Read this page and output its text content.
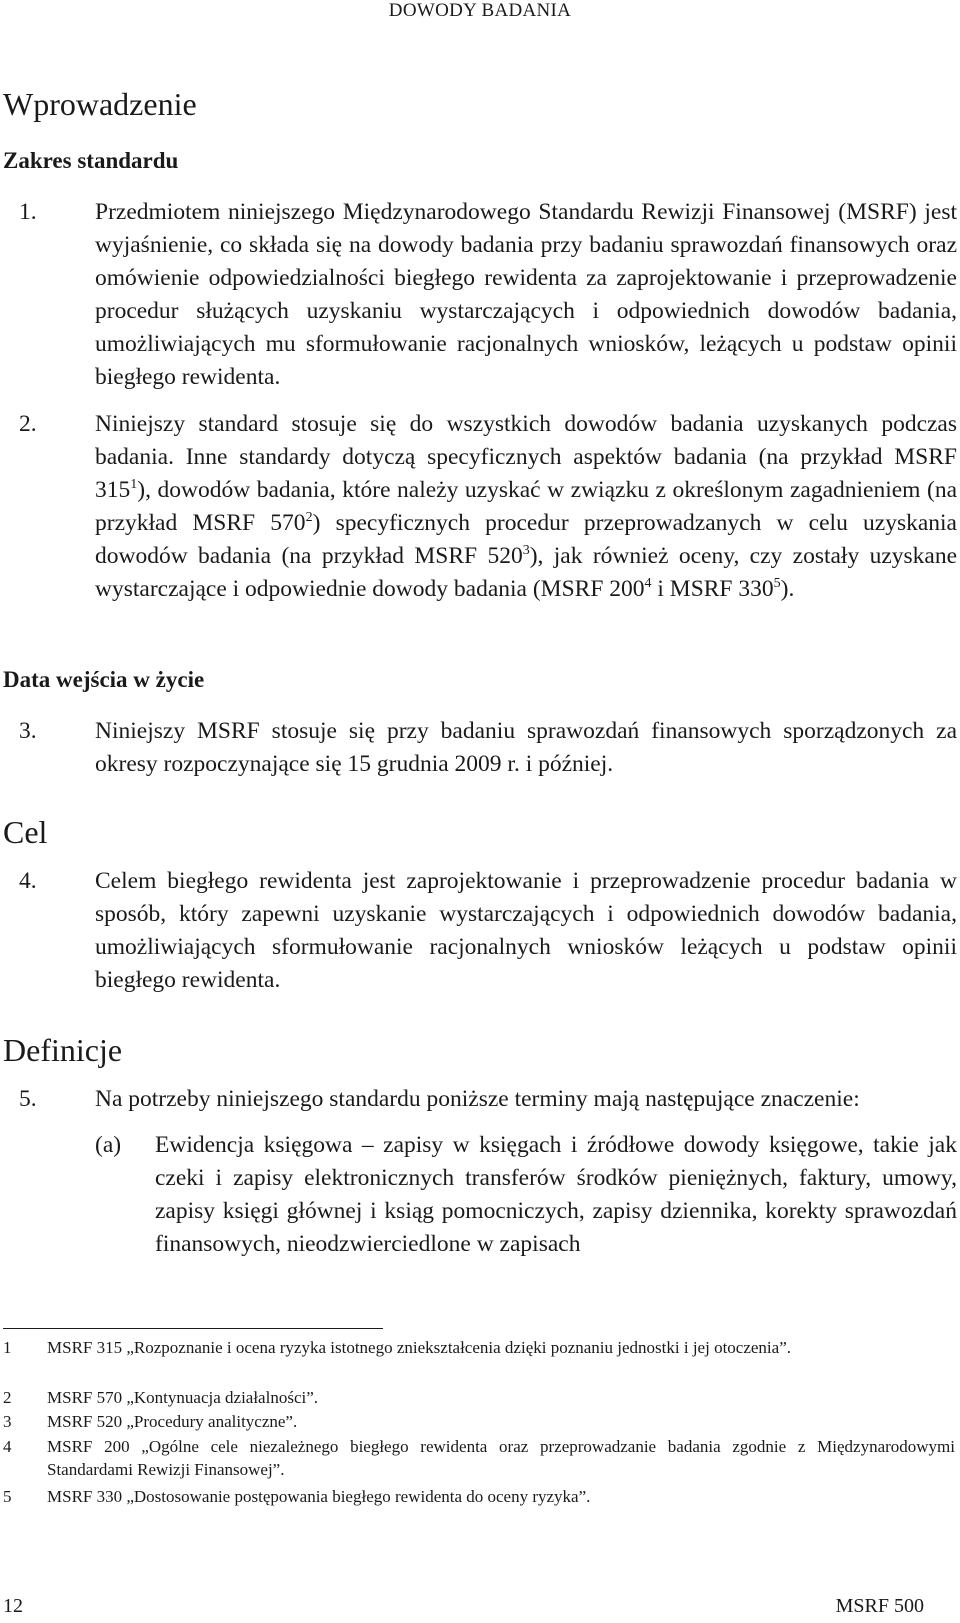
DOWODY BADANIA
Wprowadzenie
Zakres standardu
1. Przedmiotem niniejszego Międzynarodowego Standardu Rewizji Finansowej (MSRF) jest wyjaśnienie, co składa się na dowody badania przy badaniu sprawozdań finansowych oraz omówienie odpowiedzialności biegłego rewidenta za zaprojektowanie i przeprowadzenie procedur służących uzyskaniu wystarczających i odpowiednich dowodów badania, umożliwiających mu sformułowanie racjonalnych wniosków, leżących u podstaw opinii biegłego rewidenta.
2. Niniejszy standard stosuje się do wszystkich dowodów badania uzyskanych podczas badania. Inne standardy dotyczą specyficznych aspektów badania (na przykład MSRF $315^1$), dowodów badania, które należy uzyskać w związku z określonym zagadnieniem (na przykład MSRF $570^2$) specyficznych procedur przeprowadzanych w celu uzyskania dowodów badania (na przykład MSRF $520^3$), jak również oceny, czy zostały uzyskane wystarczające i odpowiednie dowody badania (MSRF $200^4$ i MSRF $330^5$).
Data wejścia w życie
3. Niniejszy MSRF stosuje się przy badaniu sprawozdań finansowych sporządzonych za okresy rozpoczynające się 15 grudnia 2009 r. i później.
Cel
4. Celem biegłego rewidenta jest zaprojektowanie i przeprowadzenie procedur badania w sposób, który zapewni uzyskanie wystarczających i odpowiednich dowodów badania, umożliwiających sformułowanie racjonalnych wniosków leżących u podstaw opinii biegłego rewidenta.
Definicje
5. Na potrzeby niniejszego standardu poniższe terminy mają następujące znaczenie:
(a) Ewidencja księgowa – zapisy w księgach i źródłowe dowody księgowe, takie jak czeki i zapisy elektronicznych transferów środków pieniężnych, faktury, umowy, zapisy księgi głównej i ksiąg pomocniczych, zapisy dziennika, korekty sprawozdań finansowych, nieodzwierciedlone w zapisach
1 MSRF 315 „Rozpoznanie i ocena ryzyka istotnego zniekształcenia dzięki poznaniu jednostki i jej otoczenia”.
2 MSRF 570 „Kontynuacja działalności”.
3 MSRF 520 „Procedury analityczne”.
4 MSRF 200 „Ogólne cele niezależnego biegłego rewidenta oraz przeprowadzanie badania zgodnie z Międzynarodowymi Standardami Rewizji Finansowej”.
5 MSRF 330 „Dostosowanie postępowania biegłego rewidenta do oceny ryzyka”.
12	MSRF 500
